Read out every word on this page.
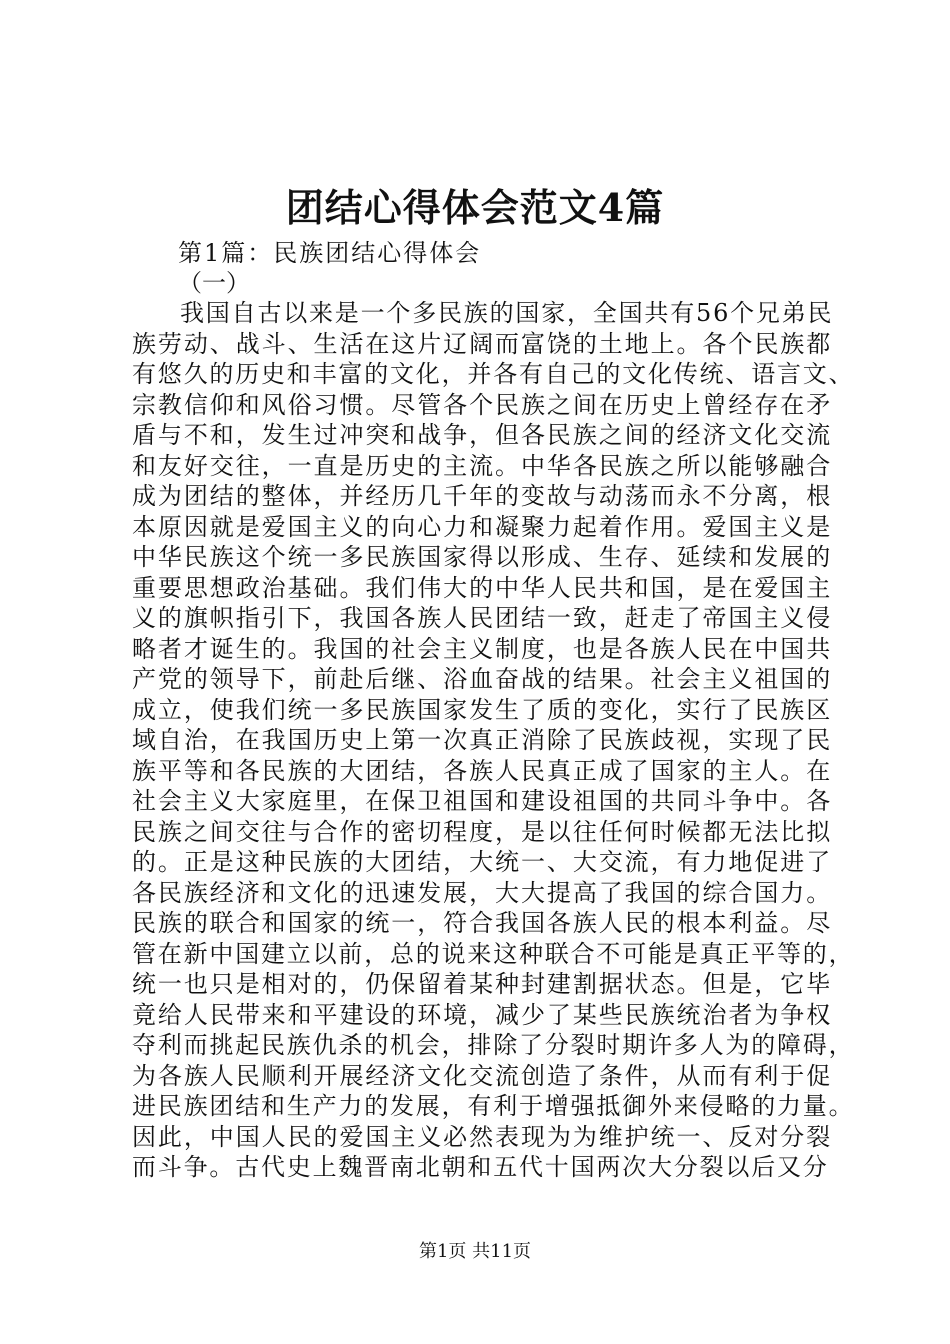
团结心得体会范文4篇

第1篇：民族团结心得体会

（一）

我国自古以来是一个多民族的国家，全国共有56个兄弟民
族劳动、战斗、生活在这片辽阔而富饶的土地上。各个民族都
有悠久的历史和丰富的文化，并各有自己的文化传统、语言文、
宗教信仰和风俗习惯。尽管各个民族之间在历史上曾经存在矛
盾与不和，发生过冲突和战争，但各民族之间的经济文化交流
和友好交往，一直是历史的主流。中华各民族之所以能够融合
成为团结的整体，并经历几千年的变故与动荡而永不分离，根
本原因就是爱国主义的向心力和凝聚力起着作用。爱国主义是
中华民族这个统一多民族国家得以形成、生存、延续和发展的
重要思想政治基础。我们伟大的中华人民共和国，是在爱国主
义的旗帜指引下，我国各族人民团结一致，赶走了帝国主义侵
略者才诞生的。我国的社会主义制度，也是各族人民在中国共
产党的领导下，前赴后继、浴血奋战的结果。社会主义祖国的
成立，使我们统一多民族国家发生了质的变化，实行了民族区
域自治，在我国历史上第一次真正消除了民族歧视，实现了民
族平等和各民族的大团结，各族人民真正成了国家的主人。在
社会主义大家庭里，在保卫祖国和建设祖国的共同斗争中。各
民族之间交往与合作的密切程度，是以往任何时候都无法比拟
的。正是这种民族的大团结，大统一、大交流，有力地促进了
各民族经济和文化的迅速发展，大大提高了我国的综合国力。
民族的联合和国家的统一，符合我国各族人民的根本利益。尽
管在新中国建立以前，总的说来这种联合不可能是真正平等的，
统一也只是相对的，仍保留着某种封建割据状态。但是，它毕
竟给人民带来和平建设的环境，减少了某些民族统治者为争权
夺利而挑起民族仇杀的机会，排除了分裂时期许多人为的障碍，
为各族人民顺利开展经济文化交流创造了条件，从而有利于促
进民族团结和生产力的发展，有利于增强抵御外来侵略的力量。
因此，中国人民的爱国主义必然表现为为维护统一、反对分裂
而斗争。古代史上魏晋南北朝和五代十国两次大分裂以后又分

第1页 共11页
